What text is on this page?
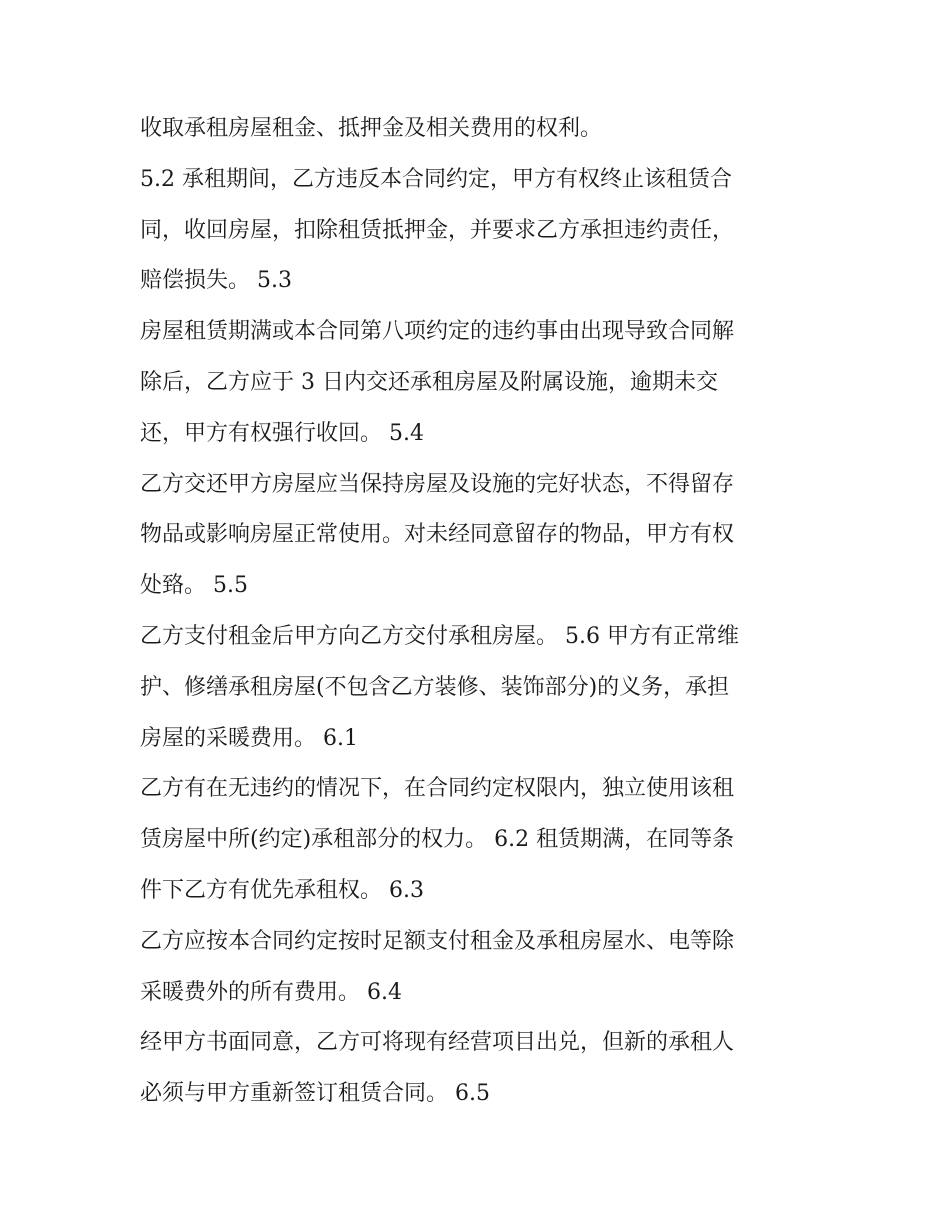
收取承租房屋租金、抵押金及相关费用的权利。
5.2 承租期间，乙方违反本合同约定，甲方有权终止该租赁合
同，收回房屋，扣除租赁抵押金，并要求乙方承担违约责任，
赔偿损失。 5.3
房屋租赁期满或本合同第八项约定的违约事由出现导致合同解
除后，乙方应于 3 日内交还承租房屋及附属设施，逾期未交
还，甲方有权强行收回。 5.4
乙方交还甲方房屋应当保持房屋及设施的完好状态，不得留存
物品或影响房屋正常使用。对未经同意留存的物品，甲方有权
处臵。 5.5
乙方支付租金后甲方向乙方交付承租房屋。 5.6 甲方有正常维
护、修缮承租房屋(不包含乙方装修、装饰部分)的义务，承担
房屋的采暖费用。 6.1
乙方有在无违约的情况下，在合同约定权限内，独立使用该租
赁房屋中所(约定)承租部分的权力。 6.2 租赁期满，在同等条
件下乙方有优先承租权。 6.3
乙方应按本合同约定按时足额支付租金及承租房屋水、电等除
采暖费外的所有费用。 6.4
经甲方书面同意，乙方可将现有经营项目出兑，但新的承租人
必须与甲方重新签订租赁合同。 6.5
